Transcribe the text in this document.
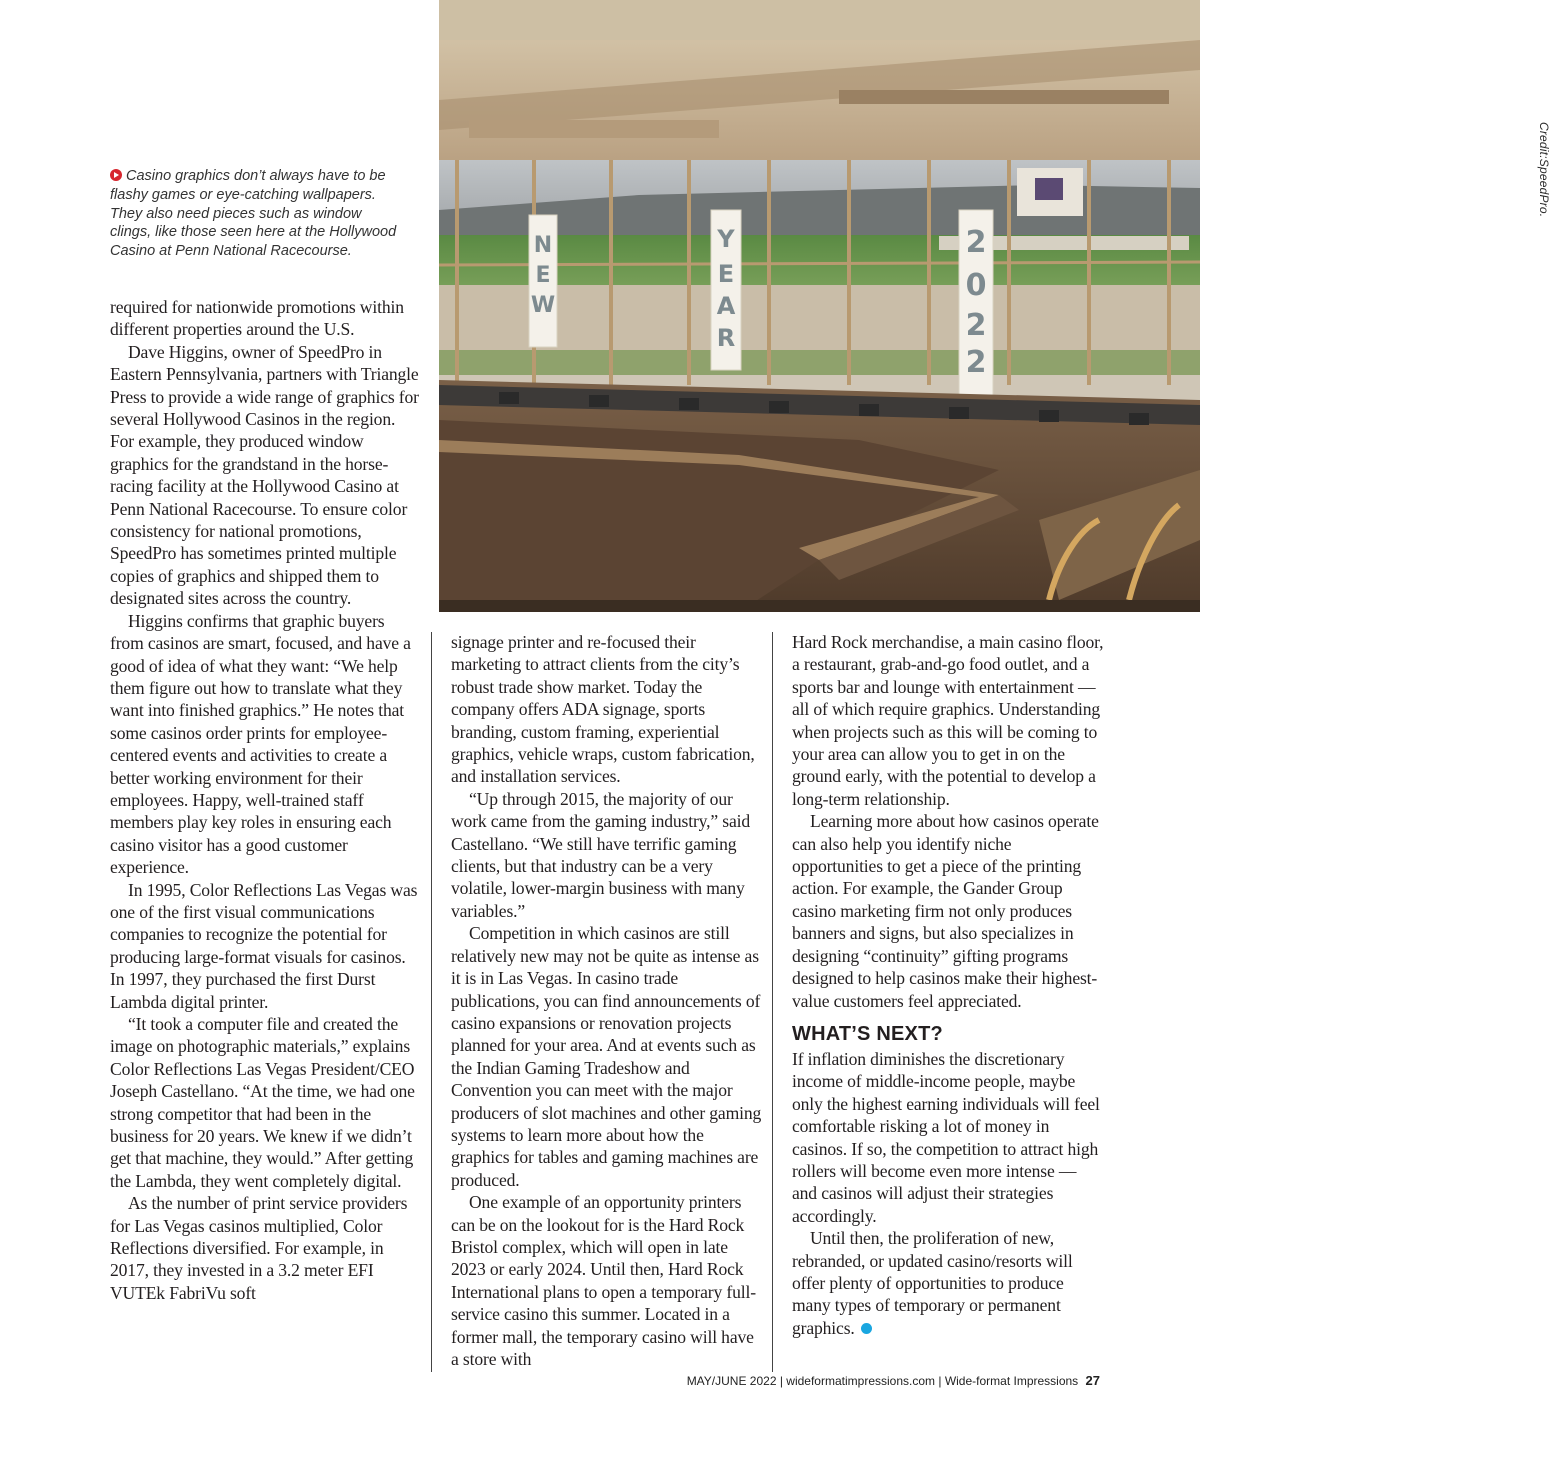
N
E
W
Y
E
A
R
2
0
2
2
Credit:SpeedPro.
Casino graphics don’t always have to be flashy games or eye-catching wallpapers. They also need pieces such as window clings, like those seen here at the Hollywood Casino at Penn National Racecourse.

required for nationwide promotions within different properties around the U.S.

Dave Higgins, owner of SpeedPro in Eastern Pennsylvania, partners with Triangle Press to provide a wide range of graphics for several Hollywood Casinos in the region. For example, they produced window graphics for the grandstand in the horse-racing facility at the Hollywood Casino at Penn National Racecourse. To ensure color consistency for national promotions, SpeedPro has sometimes printed multiple copies of graphics and shipped them to designated sites across the country.

Higgins confirms that graphic buyers from casinos are smart, focused, and have a good of idea of what they want: “We help them figure out how to translate what they want into finished graphics.” He notes that some casinos order prints for employee-centered events and activities to create a better working environment for their employees. Happy, well-trained staff members play key roles in ensuring each casino visitor has a good customer experience.

In 1995, Color Reflections Las Vegas was one of the first visual communications companies to recognize the potential for producing large-format visuals for casinos. In 1997, they purchased the first Durst Lambda digital printer.

“It took a computer file and created the image on photographic materials,” explains Color Reflections Las Vegas President/CEO Joseph Castellano. “At the time, we had one strong competitor that had been in the business for 20 years. We knew if we didn’t get that machine, they would.” After getting the Lambda, they went completely digital.

As the number of print service providers for Las Vegas casinos multiplied, Color Reflections diversified. For example, in 2017, they invested in a 3.2 meter EFI VUTEk FabriVu soft

signage printer and re-focused their marketing to attract clients from the city’s robust trade show market. Today the company offers ADA signage, sports branding, custom framing, experiential graphics, vehicle wraps, custom fabrication, and installation services.

“Up through 2015, the majority of our work came from the gaming industry,” said Castellano. “We still have terrific gaming clients, but that industry can be a very volatile, lower-margin business with many variables.”

Competition in which casinos are still relatively new may not be quite as intense as it is in Las Vegas. In casino trade publications, you can find announcements of casino expansions or renovation projects planned for your area. And at events such as the Indian Gaming Tradeshow and Convention you can meet with the major producers of slot machines and other gaming systems to learn more about how the graphics for tables and gaming machines are produced.

One example of an opportunity printers can be on the lookout for is the Hard Rock Bristol complex, which will open in late 2023 or early 2024. Until then, Hard Rock International plans to open a temporary full-service casino this summer. Located in a former mall, the temporary casino will have a store with

Hard Rock merchandise, a main casino floor, a restaurant, grab-and-go food outlet, and a sports bar and lounge with entertainment — all of which require graphics. Understanding when projects such as this will be coming to your area can allow you to get in on the ground early, with the potential to develop a long-term relationship.

Learning more about how casinos operate can also help you identify niche opportunities to get a piece of the printing action. For example, the Gander Group casino marketing firm not only produces banners and signs, but also specializes in designing “continuity” gifting programs designed to help casinos make their highest-value customers feel appreciated.

WHAT’S NEXT?

If inflation diminishes the discretionary income of middle-income people, maybe only the highest earning individuals will feel comfortable risking a lot of money in casinos. If so, the competition to attract high rollers will become even more intense — and casinos will adjust their strategies accordingly.

Until then, the proliferation of new, rebranded, or updated casino/resorts will offer plenty of opportunities to produce many types of temporary or permanent graphics.

MAY/JUNE 2022 | wideformatimpressions.com | Wide-format Impressions 27
